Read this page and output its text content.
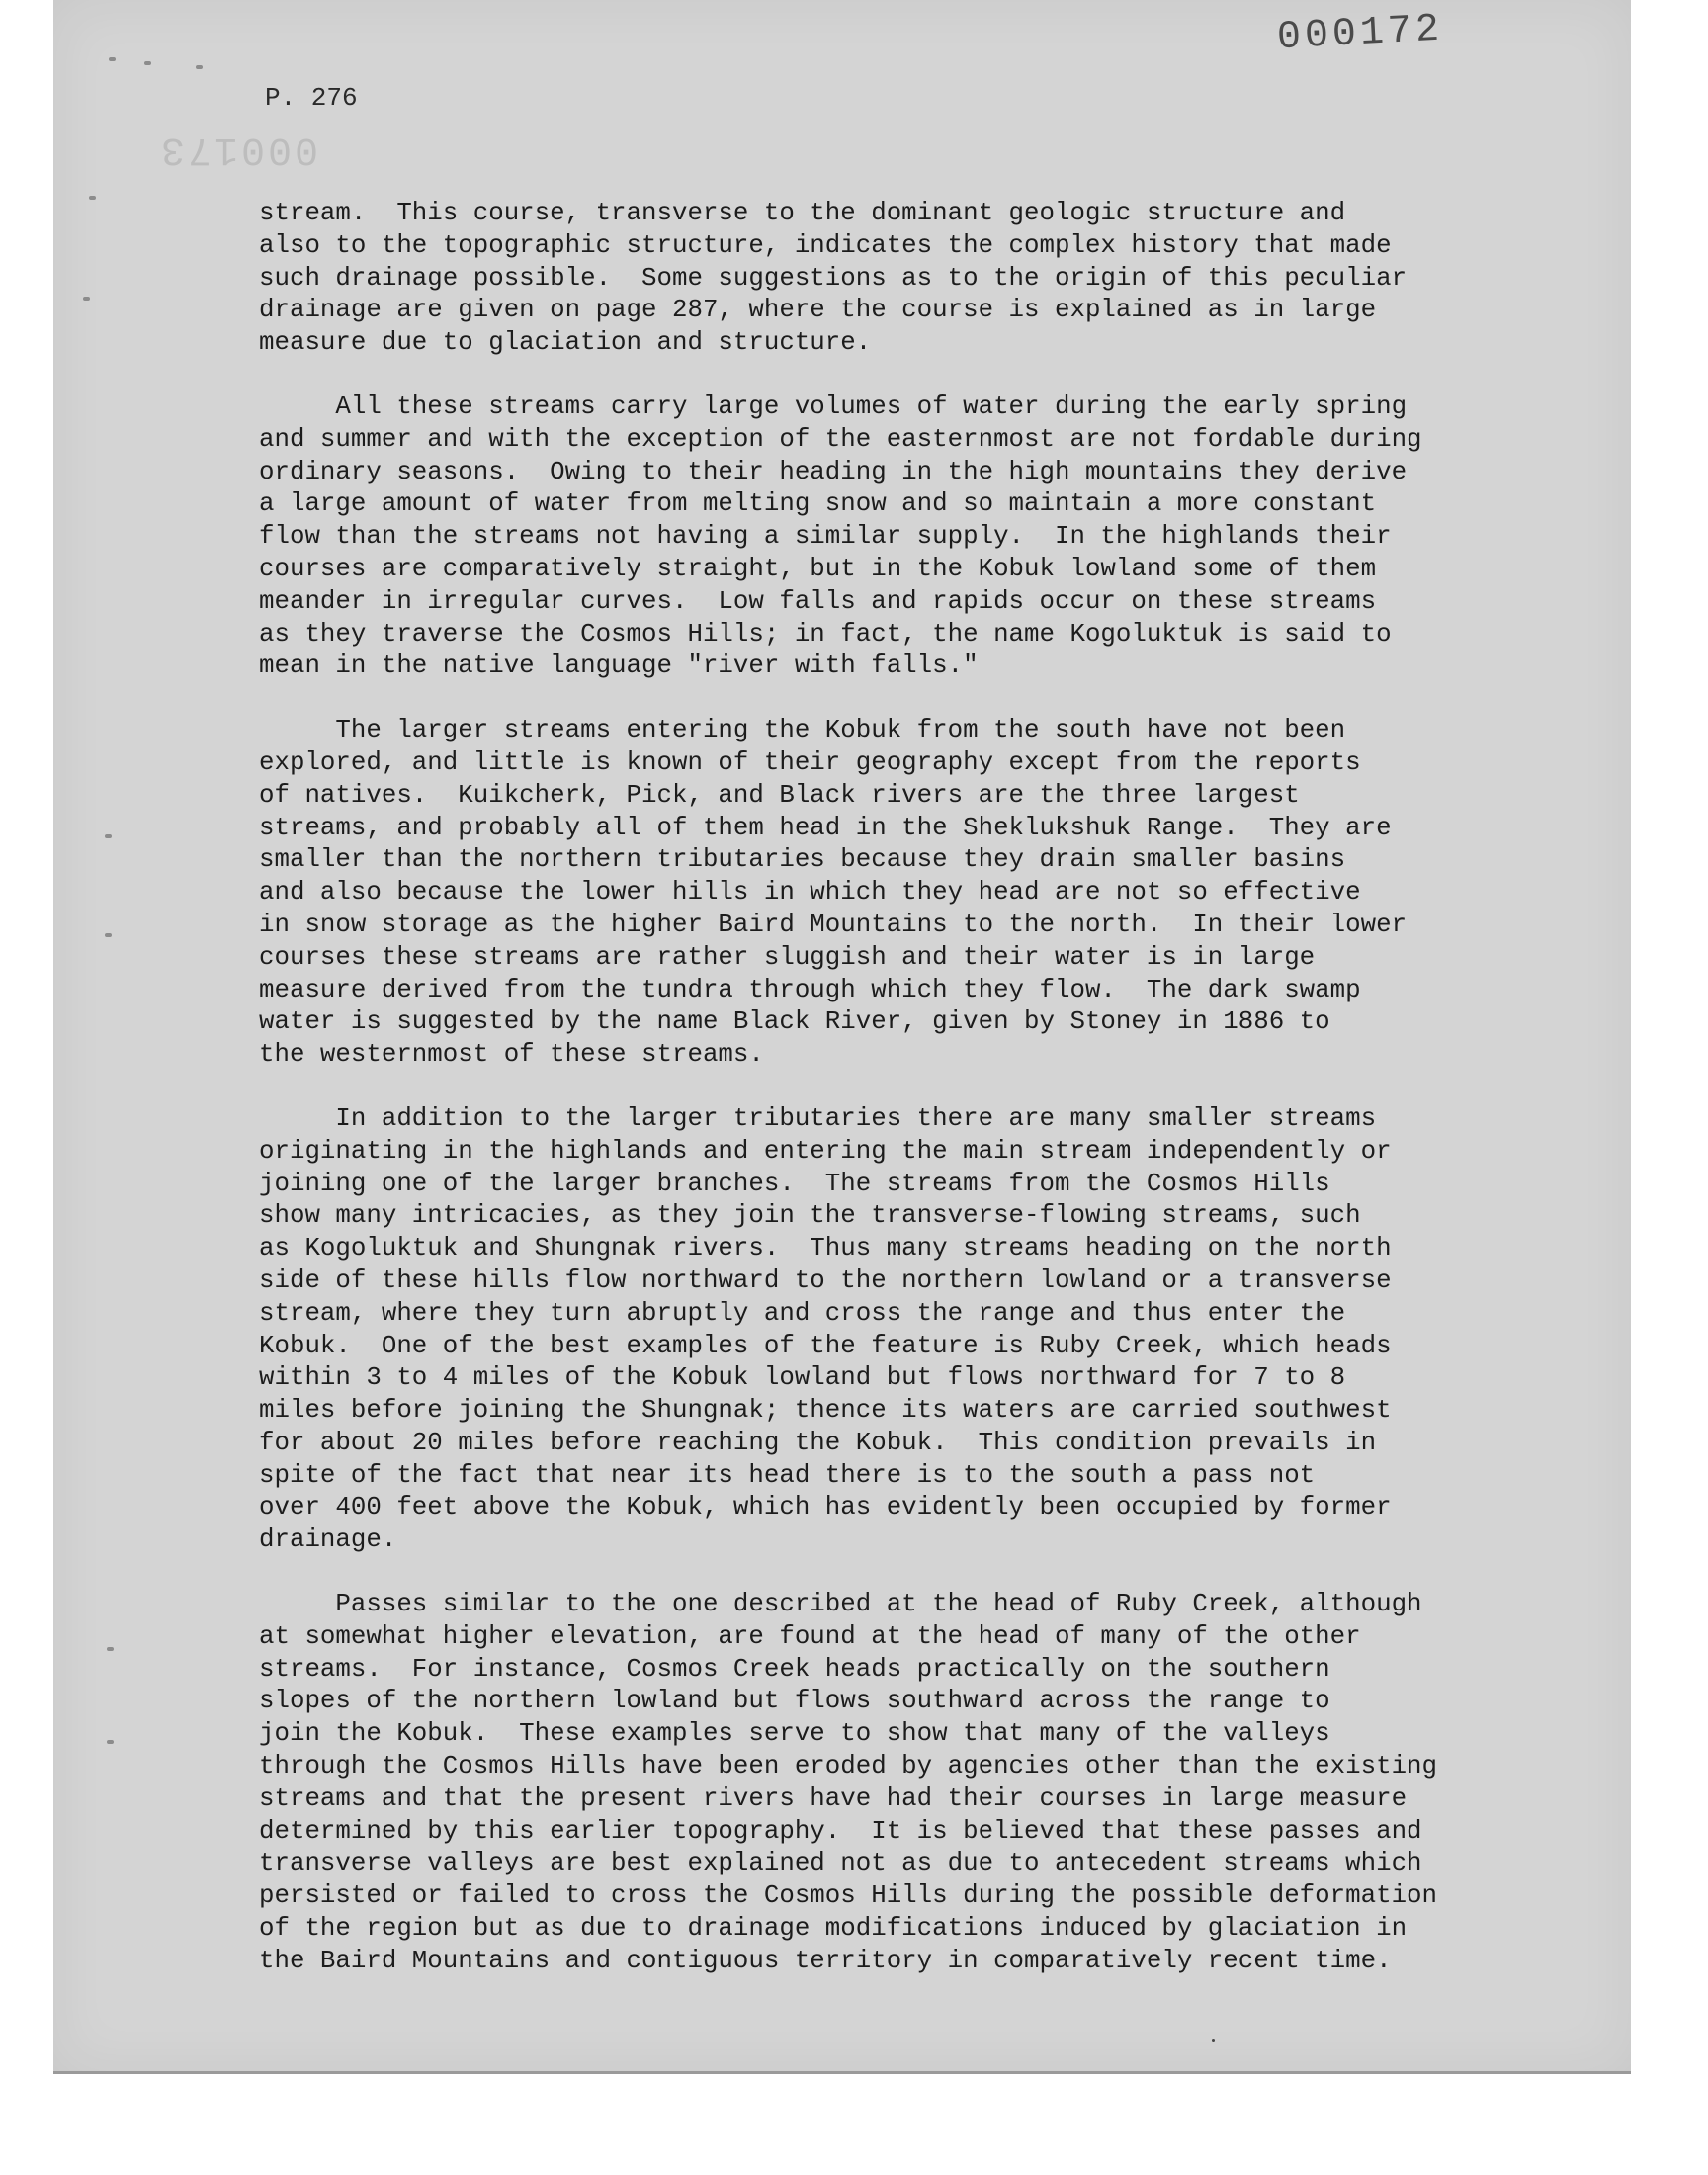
000172
P. 276
000173

stream.  This course, transverse to the dominant geologic structure and
also to the topographic structure, indicates the complex history that made
such drainage possible.  Some suggestions as to the origin of this peculiar
drainage are given on page 287, where the course is explained as in large
measure due to glaciation and structure.

All these streams carry large volumes of water during the early spring
and summer and with the exception of the easternmost are not fordable during
ordinary seasons.  Owing to their heading in the high mountains they derive
a large amount of water from melting snow and so maintain a more constant
flow than the streams not having a similar supply.  In the highlands their
courses are comparatively straight, but in the Kobuk lowland some of them
meander in irregular curves.  Low falls and rapids occur on these streams
as they traverse the Cosmos Hills; in fact, the name Kogoluktuk is said to
mean in the native language "river with falls."

The larger streams entering the Kobuk from the south have not been
explored, and little is known of their geography except from the reports
of natives.  Kuikcherk, Pick, and Black rivers are the three largest
streams, and probably all of them head in the Sheklukshuk Range.  They are
smaller than the northern tributaries because they drain smaller basins
and also because the lower hills in which they head are not so effective
in snow storage as the higher Baird Mountains to the north.  In their lower
courses these streams are rather sluggish and their water is in large
measure derived from the tundra through which they flow.  The dark swamp
water is suggested by the name Black River, given by Stoney in 1886 to
the westernmost of these streams.

In addition to the larger tributaries there are many smaller streams
originating in the highlands and entering the main stream independently or
joining one of the larger branches.  The streams from the Cosmos Hills
show many intricacies, as they join the transverse-flowing streams, such
as Kogoluktuk and Shungnak rivers.  Thus many streams heading on the north
side of these hills flow northward to the northern lowland or a transverse
stream, where they turn abruptly and cross the range and thus enter the
Kobuk.  One of the best examples of the feature is Ruby Creek, which heads
within 3 to 4 miles of the Kobuk lowland but flows northward for 7 to 8
miles before joining the Shungnak; thence its waters are carried southwest
for about 20 miles before reaching the Kobuk.  This condition prevails in
spite of the fact that near its head there is to the south a pass not
over 400 feet above the Kobuk, which has evidently been occupied by former
drainage.

Passes similar to the one described at the head of Ruby Creek, although
at somewhat higher elevation, are found at the head of many of the other
streams.  For instance, Cosmos Creek heads practically on the southern
slopes of the northern lowland but flows southward across the range to
join the Kobuk.  These examples serve to show that many of the valleys
through the Cosmos Hills have been eroded by agencies other than the existing
streams and that the present rivers have had their courses in large measure
determined by this earlier topography.  It is believed that these passes and
transverse valleys are best explained not as due to antecedent streams which
persisted or failed to cross the Cosmos Hills during the possible deformation
of the region but as due to drainage modifications induced by glaciation in
the Baird Mountains and contiguous territory in comparatively recent time.
